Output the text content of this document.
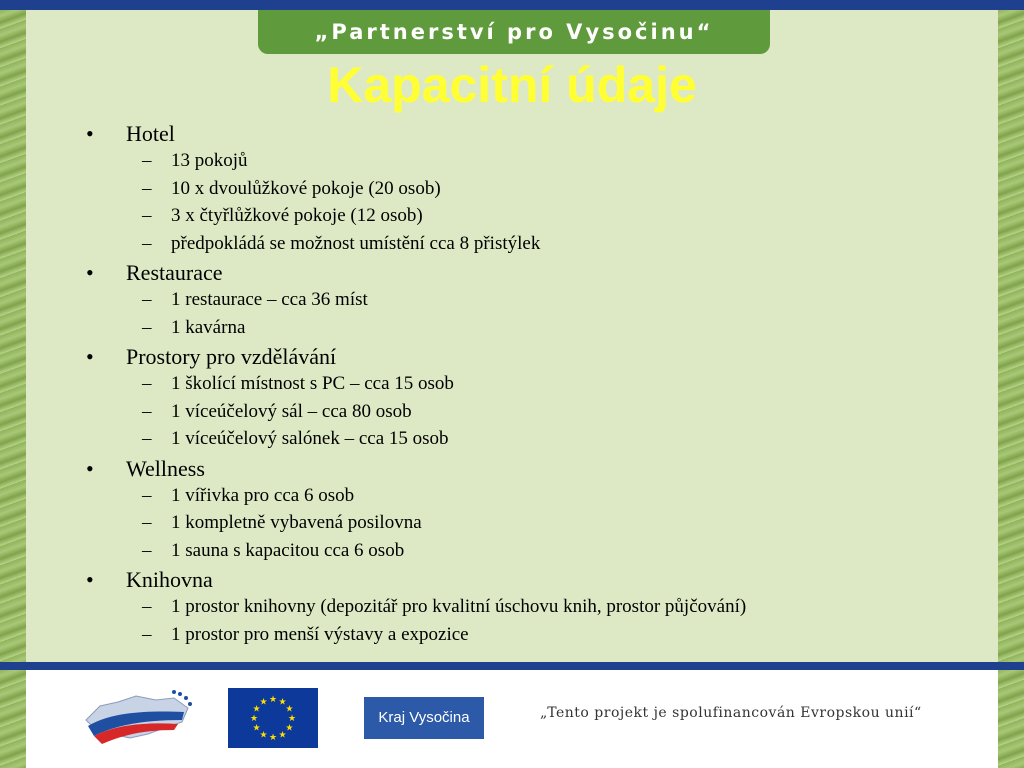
„Partnerství pro Vysočinu“
Kapacitní údaje
• Hotel
– 13 pokojů
– 10 x dvoulůžkové pokoje (20 osob)
– 3 x čtyřlůžkové pokoje (12 osob)
– předpokládá se možnost umístění cca 8 přistýlek
• Restaurace
– 1 restaurace – cca 36 míst
– 1 kavárna
• Prostory pro vzdělávání
– 1 školící místnost s PC – cca 15 osob
– 1 víceúčelový sál – cca 80 osob
– 1 víceúčelový salónek – cca 15 osob
• Wellness
– 1 vířivka pro cca 6 osob
– 1 kompletně vybavená posilovna
– 1 sauna s kapacitou cca 6 osob
• Knihovna
– 1 prostor knihovny (depozitář pro kvalitní úschovu knih, prostor půjčování)
– 1 prostor pro menší výstavy a expozice
★
★
★
★
★
★
★
★
★ ★ ★
★
Kraj Vysočina	„Tento projekt je spolufinancován Evropskou unií“
